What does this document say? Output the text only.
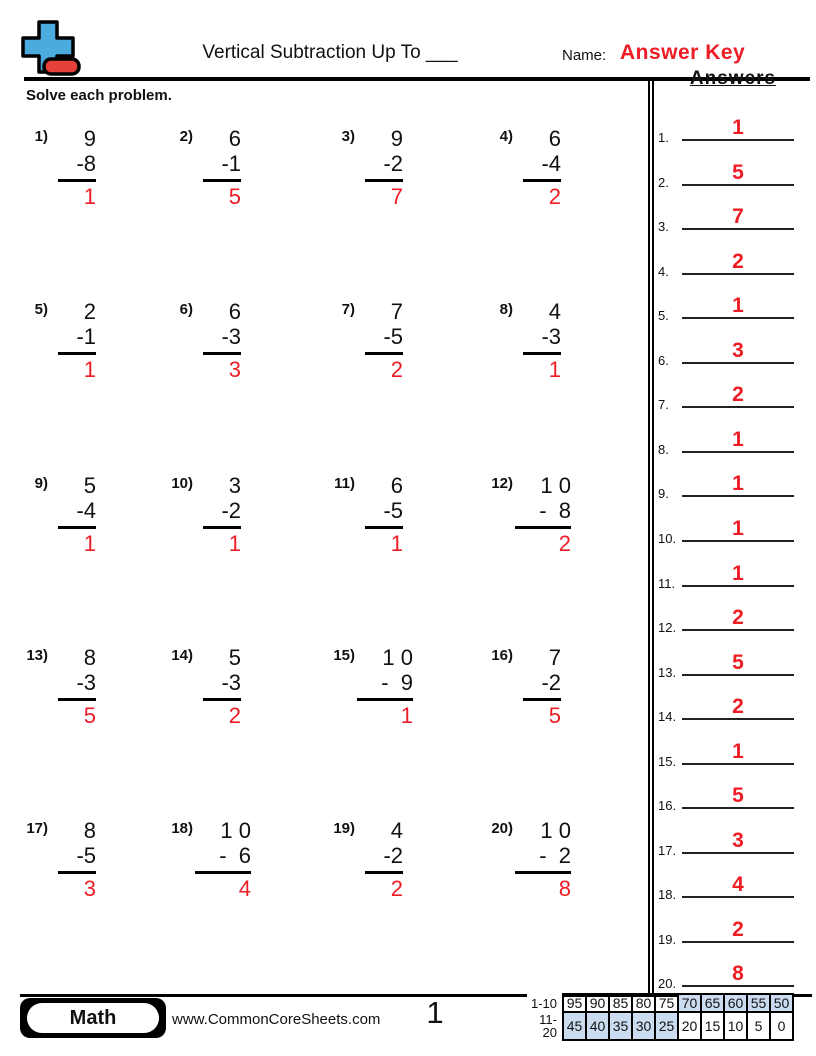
Vertical Subtraction Up To ___	Name: Answer Key
Solve each problem.
1)	9
-8
1
2)	6
-1
5
3)	9
-2
7
4)	6
-4
2
5)	2
-1
1
6)	6
-3
3
7)	7
-5
2
8)	4
-3
1
9)	5
-4
1
10)	3
-2
1
11)	6
-5
1
12)	1 0
-  8
2
13)	8
-3
5
14)	5
-3
2
15)	1 0
-  9
1
16)	7
-2
5
17)	8
-5
3
18)	1 0
-  6
4
19)	4
-2
2
20)	1 0
-  2
8
Answers
1.	1
2.	5
3.	7
4.	2
5.	1
6.	3
7.	2
8.	1
9.	1
10.	1
11.	1
12.	2
13.	5
14.	2
15.	1
16.	5
17.	3
18.	4
19.	2
20.	8
Math	www.CommonCoreSheets.com	1	1-10	95	90	85	80	75	70	65	60	55	50
11-20	45	40	35	30	25	20	15	10	5	0
